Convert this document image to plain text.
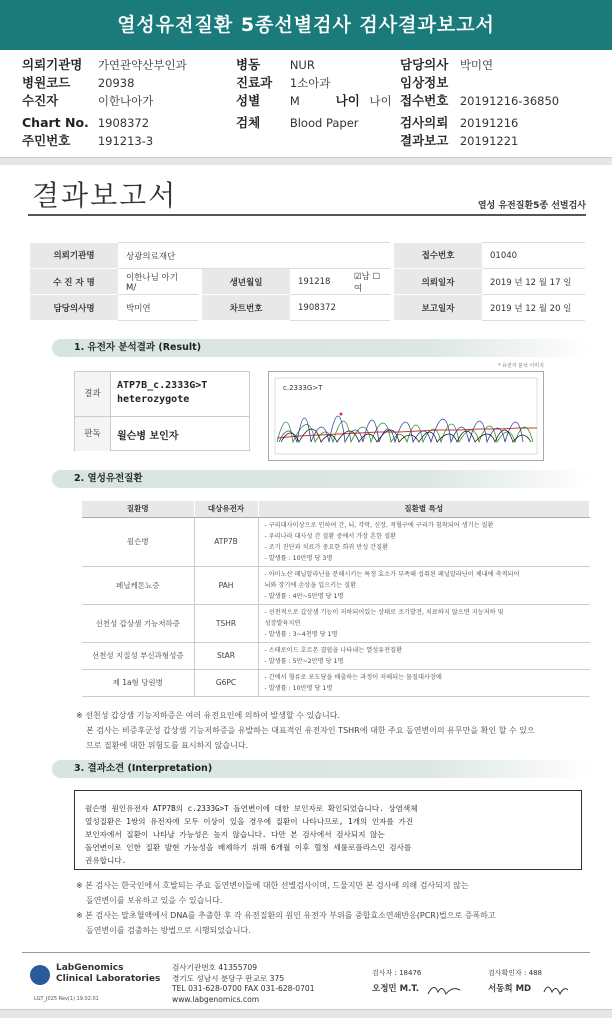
열성유전질환 5종선별검사 검사결과보고서
의뢰기관명 가연관약산부인과
병원코드 20938
수진자	이한나아가
Chart No. 1908372
주민번호 191213-3
병동	NUR
진료과 1소아과
성별	M	나이 나이
검체	Blood Paper
담당의사 박미연
임상정보
접수번호 20191216-36850
검사의뢰 20191216
결과보고 20191221
결과보고서	열성 유전질환5종 선별검사
의뢰기관명	상광의료재단						접수번호	01040
수 진 자 명	이한나님 아기 M/		생년월일	191218	☑남 ☐여		의뢰일자	2019 년 12 월 17 일
담당의사명	박미연		차트번호	1908372			보고일자	2019 년 12 월 20 일
1. 유전자 분석결과 (Result)
* 유전자 분석 이미지
결과
ATP7B_c.2333G>T
heterozygote
판독	윌슨병 보인자
c.2333G>T
2. 열성유전질환
질환명	대상유전자	질환별 특성
윌슨병	ATP7B	- 구리대사이상으로 인하여 간, 뇌, 각막, 신장, 적혈구에 구리가 침착되어 생기는 질환
- 우리나라 대사성 간 질환 중에서 가장 흔한 질환
- 조기 진단과 치료가 중요한 희귀 만성 간질환
- 발생률 : 10만명 당 3명

페닐케톤뇨증	PAH	- 아미노산 페닐알라닌을 분해시키는 특정 효소가 부족해 섭취된 페닐알라닌이 체내에 축적되어
뇌와 장기에 손상을 입으키는 질환
- 발생률 : 4만~5만명 당 1명

선천성 갑상샘 기능저하증	TSHR	- 선천적으로 갑상샘 기능이 저하되어있는 상태로 조기발견, 치료하지 않으면 지능저하 및
성장발육지연
- 발생률 : 3~4천명 당 1명

선천성 지질성 부신과형성증	StAR	- 스테로이드 호르몬 결핍을 나타내는 열성유전질환
- 발생률 : 5만~2만명 당 1명

제 1a형 당원병	G6PC	- 간에서 혈류로 포도당을 배출하는 과정이 저해되는 물질대사장애
- 발생률 : 10만명 당 1명
※ 선천성 갑상샘 기능저하증은 여러 유전요인에 의하여 발생할 수 있습니다.
본 검사는 비증후군성 갑상샘 기능저하증을 유발하는 대표적인 유전자인 TSHR에 대한 주요 돌연변이의 유무만을 확인 할 수 있으
므로 질환에 대한 위험도를 표시하지 않습니다.
3. 결과소견 (Interpretation)
윌슨병 원인유전자 ATP7B의 c.2333G>T 돌연변이에 대한 보인자로 확인되었습니다. 상염색체
열성질환은 1쌍의 유전자에 모두 이상이 있을 경우에 질환이 나타나므로, 1개의 인자를 가진
보인자에서 질환이 나타날 가능성은 높지 않습니다. 다만 본 검사에서 검사되지 않는
돌연변이로 인한 질환 발현 가능성을 배제하기 위해 6개월 이후 혈청 세룰로플라스민 검사를
권유합니다.
※ 본 검사는 한국인에서 호발되는 주요 돌연변이들에 대한 선별검사이며, 드물지만 본 검사에 의해 검사되지 않는
돌연변이를 보유하고 있을 수 있습니다.
※ 본 검사는 말초혈액에서 DNA를 추출한 후 각 유전질환의 원인 유전자 부위를 중합효소연쇄반응(PCR)법으로 증폭하고
돌연변이를 검출하는 방법으로 시행되었습니다.
LabGenomics
Clinical Laboratories
검사기관번호 41355709
경기도 성남시 분당구 판교로 375
TEL 031-628-0700 FAX 031-628-0701
www.labgenomics.com
검사자 : 18476
오정민 M.T.
검사확인자 : 488
서동희 MD
LGT_J025 Rev(1) 19.02.01
